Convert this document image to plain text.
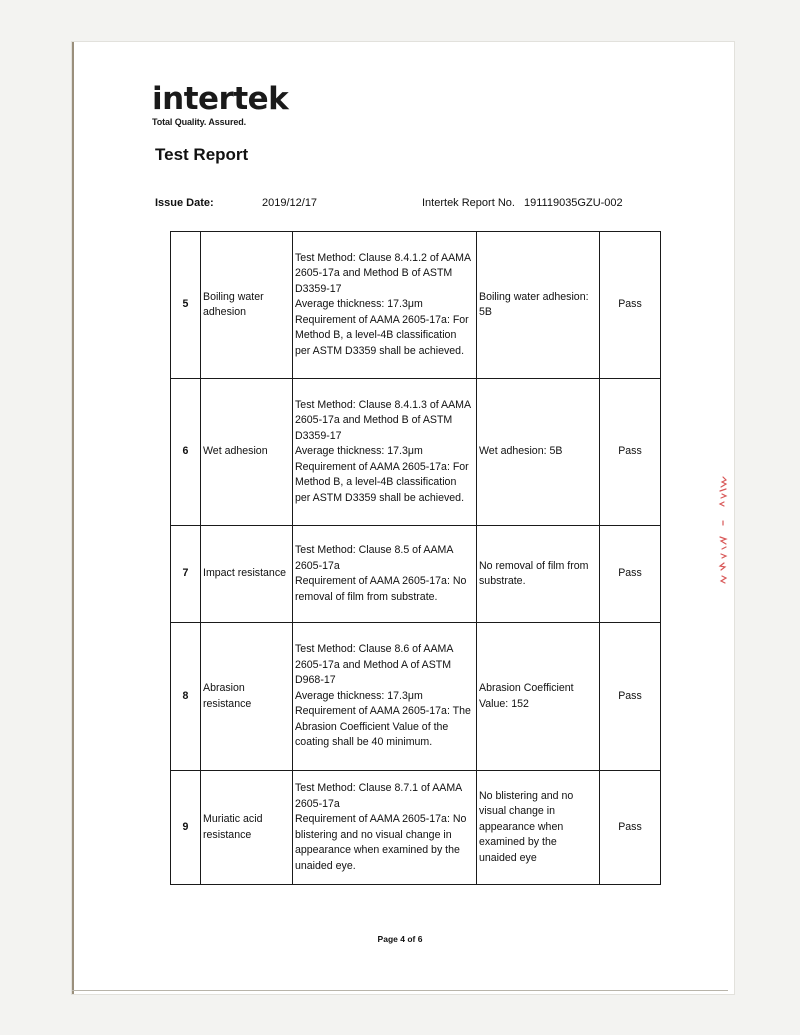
intertek
Total Quality. Assured.
Test Report
Issue Date:	2019/12/17	Intertek Report No. 191119035GZU-002
5	Boiling water adhesion	Test Method: Clause 8.4.1.2 of AAMA 2605-17a and Method B of ASTM D3359-17
Average thickness: 17.3μm
Requirement of AAMA 2605-17a: For Method B, a level-4B classification per ASTM D3359 shall be achieved.	Boiling water adhesion: 5B	Pass
6	Wet adhesion	Test Method: Clause 8.4.1.3 of AAMA 2605-17a and Method B of ASTM D3359-17
Average thickness: 17.3μm
Requirement of AAMA 2605-17a: For Method B, a level-4B classification per ASTM D3359 shall be achieved.	Wet adhesion: 5B	Pass
7	Impact resistance	Test Method: Clause 8.5 of AAMA 2605-17a
Requirement of AAMA 2605-17a: No removal of film from substrate.	No removal of film from substrate.	Pass
8	Abrasion resistance	Test Method: Clause 8.6 of AAMA 2605-17a and Method A of ASTM D968-17
Average thickness: 17.3μm
Requirement of AAMA 2605-17a: The Abrasion Coefficient Value of the coating shall be 40 minimum.	Abrasion Coefficient Value: 152	Pass
9	Muriatic acid resistance	Test Method: Clause 8.7.1 of AAMA 2605-17a
Requirement of AAMA 2605-17a: No blistering and no visual change in appearance when examined by the unaided eye.	No blistering and no visual change in appearance when examined by the unaided eye	Pass
Page 4 of 6
